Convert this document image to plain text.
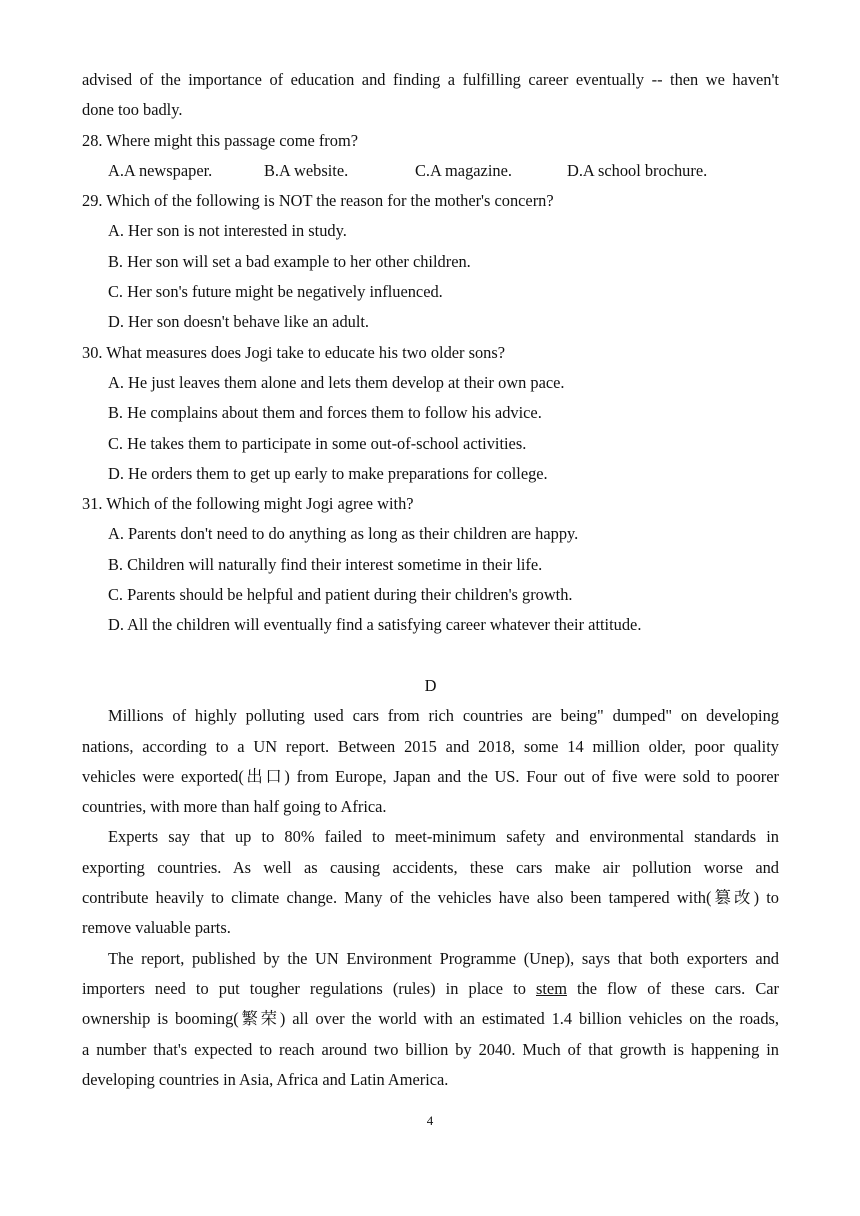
advised of the importance of education and finding a fulfilling career eventually -- then we haven't
done too badly.
28. Where might this passage come from?
A.A newspaper.	B.A website.	C.A magazine.	D.A school brochure.
29. Which of the following is NOT the reason for the mother's concern?
A. Her son is not interested in study.
B. Her son will set a bad example to her other children.
C. Her son's future might be negatively influenced.
D. Her son doesn't behave like an adult.
30. What measures does Jogi take to educate his two older sons?
A. He just leaves them alone and lets them develop at their own pace.
B. He complains about them and forces them to follow his advice.
C. He takes them to participate in some out-of-school activities.
D. He orders them to get up early to make preparations for college.
31. Which of the following might Jogi agree with?
A. Parents don't need to do anything as long as their children are happy.
B. Children will naturally find their interest sometime in their life.
C. Parents should be helpful and patient during their children's growth.
D. All the children will eventually find a satisfying career whatever their attitude.
D
Millions of highly polluting used cars from rich countries are being" dumped" on developing
nations, according to a UN report. Between 2015 and 2018, some 14 million older, poor quality
vehicles were exported(出口) from Europe, Japan and the US. Four out of five were sold to poorer
countries, with more than half going to Africa.
Experts say that up to 80% failed to meet-minimum safety and environmental standards in
exporting countries. As well as causing accidents, these cars make air pollution worse and
contribute heavily to climate change. Many of the vehicles have also been tampered with(篡改) to
remove valuable parts.
The report, published by the UN Environment Programme (Unep), says that both exporters and
importers need to put tougher regulations (rules) in place to stem the flow of these cars. Car
ownership is booming(繁荣) all over the world with an estimated 1.4 billion vehicles on the roads,
a number that's expected to reach around two billion by 2040. Much of that growth is happening in
developing countries in Asia, Africa and Latin America.
4
